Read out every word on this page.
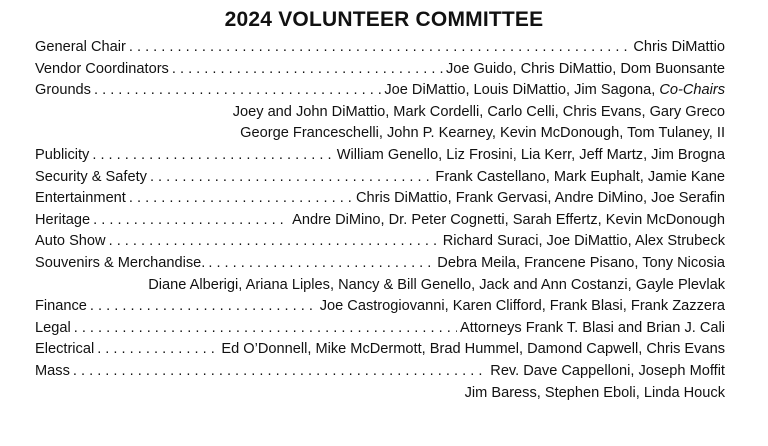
2024 VOLUNTEER COMMITTEE
General Chair . . .	Chris DiMattio
Vendor Coordinators . . .	Joe Guido, Chris DiMattio, Dom Buonsante
Grounds . . .	Joe DiMattio, Louis DiMattio, Jim Sagona, Co-Chairs
Joey and John DiMattio, Mark Cordelli, Carlo Celli, Chris Evans, Gary Greco
George Franceschelli, John P. Kearney, Kevin McDonough, Tom Tulaney, II
Publicity . . .	William Genello, Liz Frosini, Lia Kerr, Jeff Martz, Jim Brogna
Security & Safety . . .	Frank Castellano, Mark Euphalt, Jamie Kane
Entertainment . . .	Chris DiMattio, Frank Gervasi, Andre DiMino, Joe Serafin
Heritage . . .	Andre DiMino, Dr. Peter Cognetti, Sarah Effertz, Kevin McDonough
Auto Show . . .	Richard Suraci, Joe DiMattio, Alex Strubeck
Souvenirs & Merchandise. . . .	Debra Meila, Francene Pisano, Tony Nicosia
Diane Alberigi, Ariana Liples, Nancy & Bill Genello, Jack and Ann Costanzi, Gayle Plevlak
Finance . . .	Joe Castrogiovanni, Karen Clifford, Frank Blasi, Frank Zazzera
Legal . . .	Attorneys Frank T. Blasi and Brian J. Cali
Electrical . . .	Ed O’Donnell, Mike McDermott, Brad Hummel, Damond Capwell, Chris Evans
Mass . . .	Rev. Dave Cappelloni, Joseph Moffit
Jim Baress, Stephen Eboli, Linda Houck
